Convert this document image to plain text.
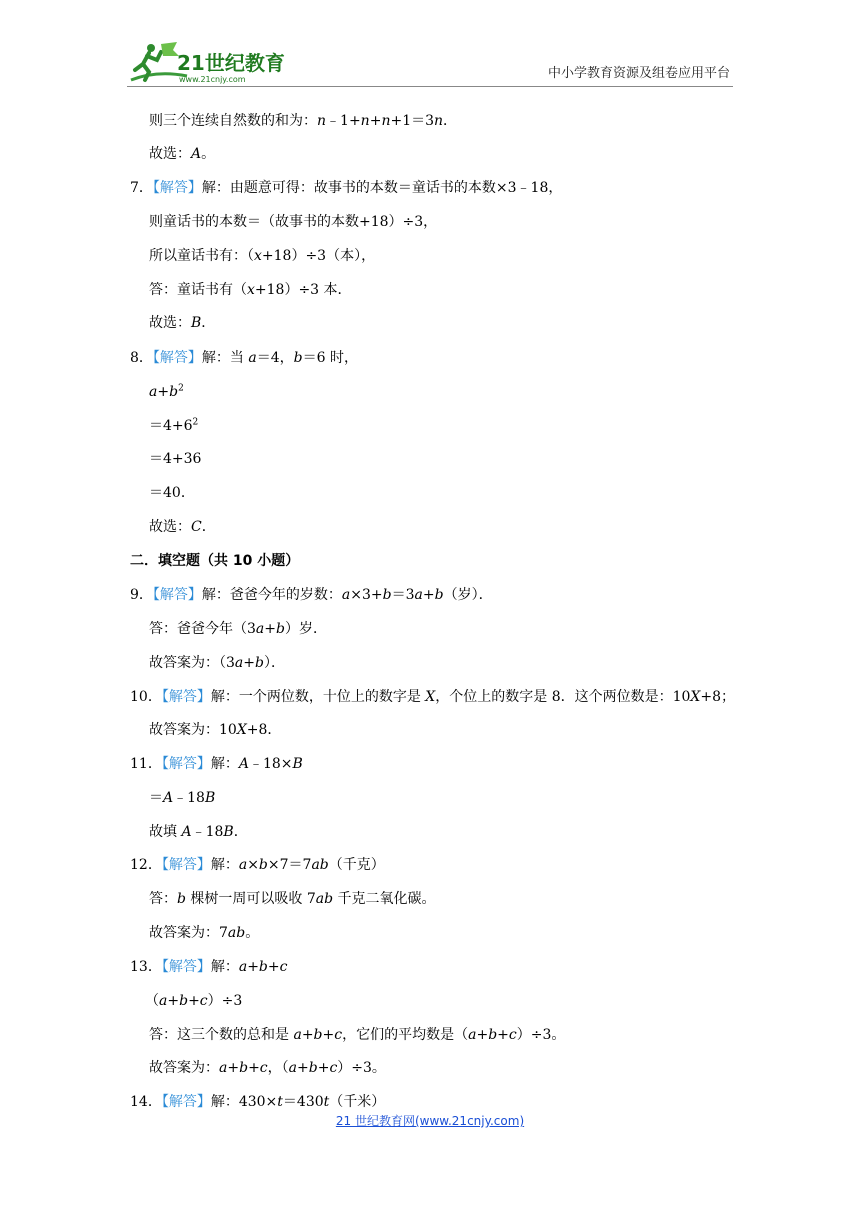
21世纪教育
www.21cnjy.com	中小学教育资源及组卷应用平台
则三个连续自然数的和为：n﹣1+n+n+1＝3n．
故选：A。
7．【解答】解：由题意可得：故事书的本数＝童话书的本数×3﹣18，
则童话书的本数＝（故事书的本数+18）÷3，
所以童话书有：（x+18）÷3（本），
答：童话书有（x+18）÷3 本．
故选：B．
8．【解答】解：当 a＝4，b＝6 时，
$a+b^2$
$=4+6^2$
＝4+36
＝40．
故选：C．
二．填空题（共 10 小题）
9．【解答】解：爸爸今年的岁数：a×3+b＝3a+b（岁）．
答：爸爸今年（3a+b）岁．
故答案为：（3a+b）．
10．【解答】解：一个两位数，十位上的数字是 X，个位上的数字是 8．这个两位数是：10X+8；
故答案为：10X+8．
11．【解答】解：A﹣18×B
＝A﹣18B
故填 A﹣18B．
12．【解答】解：a×b×7＝7ab（千克）
答：b 棵树一周可以吸收 7ab 千克二氧化碳。
故答案为：7ab。
13．【解答】解：a+b+c
（a+b+c）÷3
答：这三个数的总和是 a+b+c，它们的平均数是（a+b+c）÷3。
故答案为：a+b+c，（a+b+c）÷3。
14．【解答】解：430×t＝430t（千米）
21 世纪教育网(www.21cnjy.com)
